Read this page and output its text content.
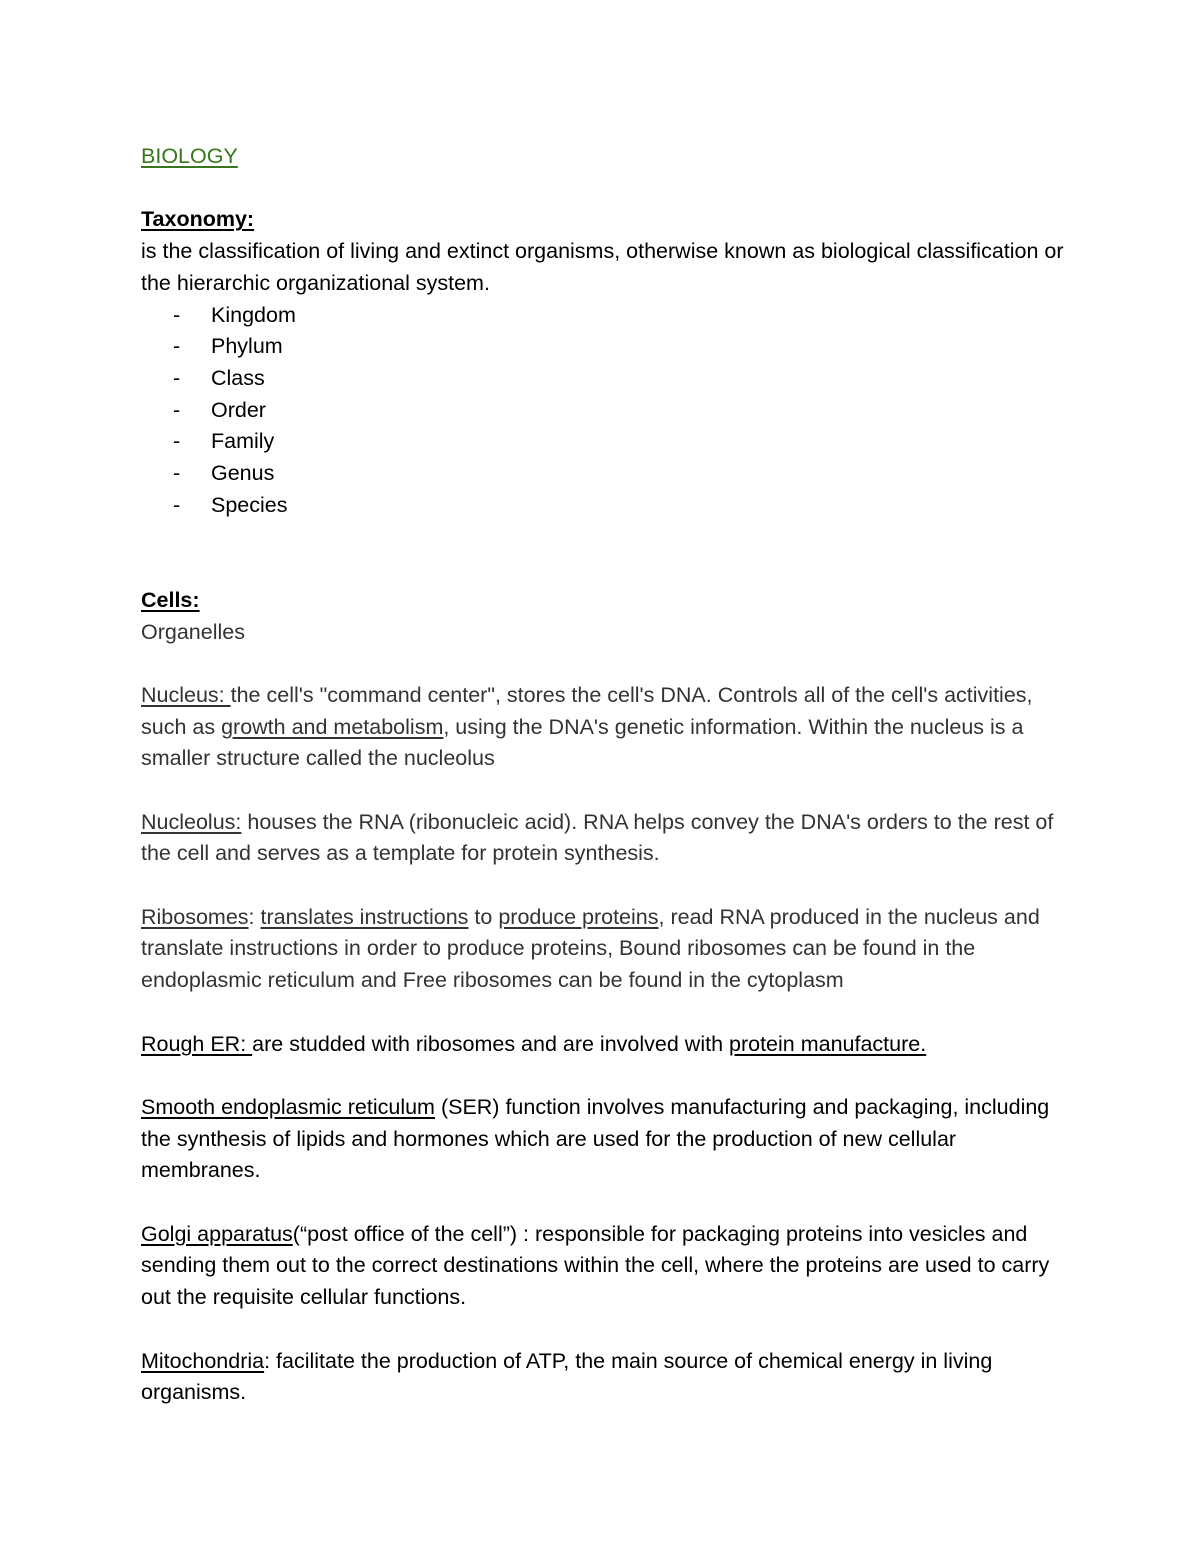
BIOLOGY

Taxonomy:

is the classification of living and extinct organisms, otherwise known as biological classification or the hierarchic organizational system.

- Kingdom
- Phylum
- Class
- Order
- Family
- Genus
- Species

Cells:

Organelles

Nucleus: the cell's "command center", stores the cell's DNA. Controls all of the cell's activities, such as growth and metabolism, using the DNA's genetic information. Within the nucleus is a smaller structure called the nucleolus

Nucleolus: houses the RNA (ribonucleic acid). RNA helps convey the DNA's orders to the rest of the cell and serves as a template for protein synthesis.

Ribosomes: translates instructions to produce proteins, read RNA produced in the nucleus and translate instructions in order to produce proteins, Bound ribosomes can be found in the endoplasmic reticulum and Free ribosomes can be found in the cytoplasm

Rough ER: are studded with ribosomes and are involved with protein manufacture.

Smooth endoplasmic reticulum (SER) function involves manufacturing and packaging, including the synthesis of lipids and hormones which are used for the production of new cellular membranes.

Golgi apparatus(“post office of the cell”) : responsible for packaging proteins into vesicles and sending them out to the correct destinations within the cell, where the proteins are used to carry out the requisite cellular functions.

Mitochondria: facilitate the production of ATP, the main source of chemical energy in living organisms.
